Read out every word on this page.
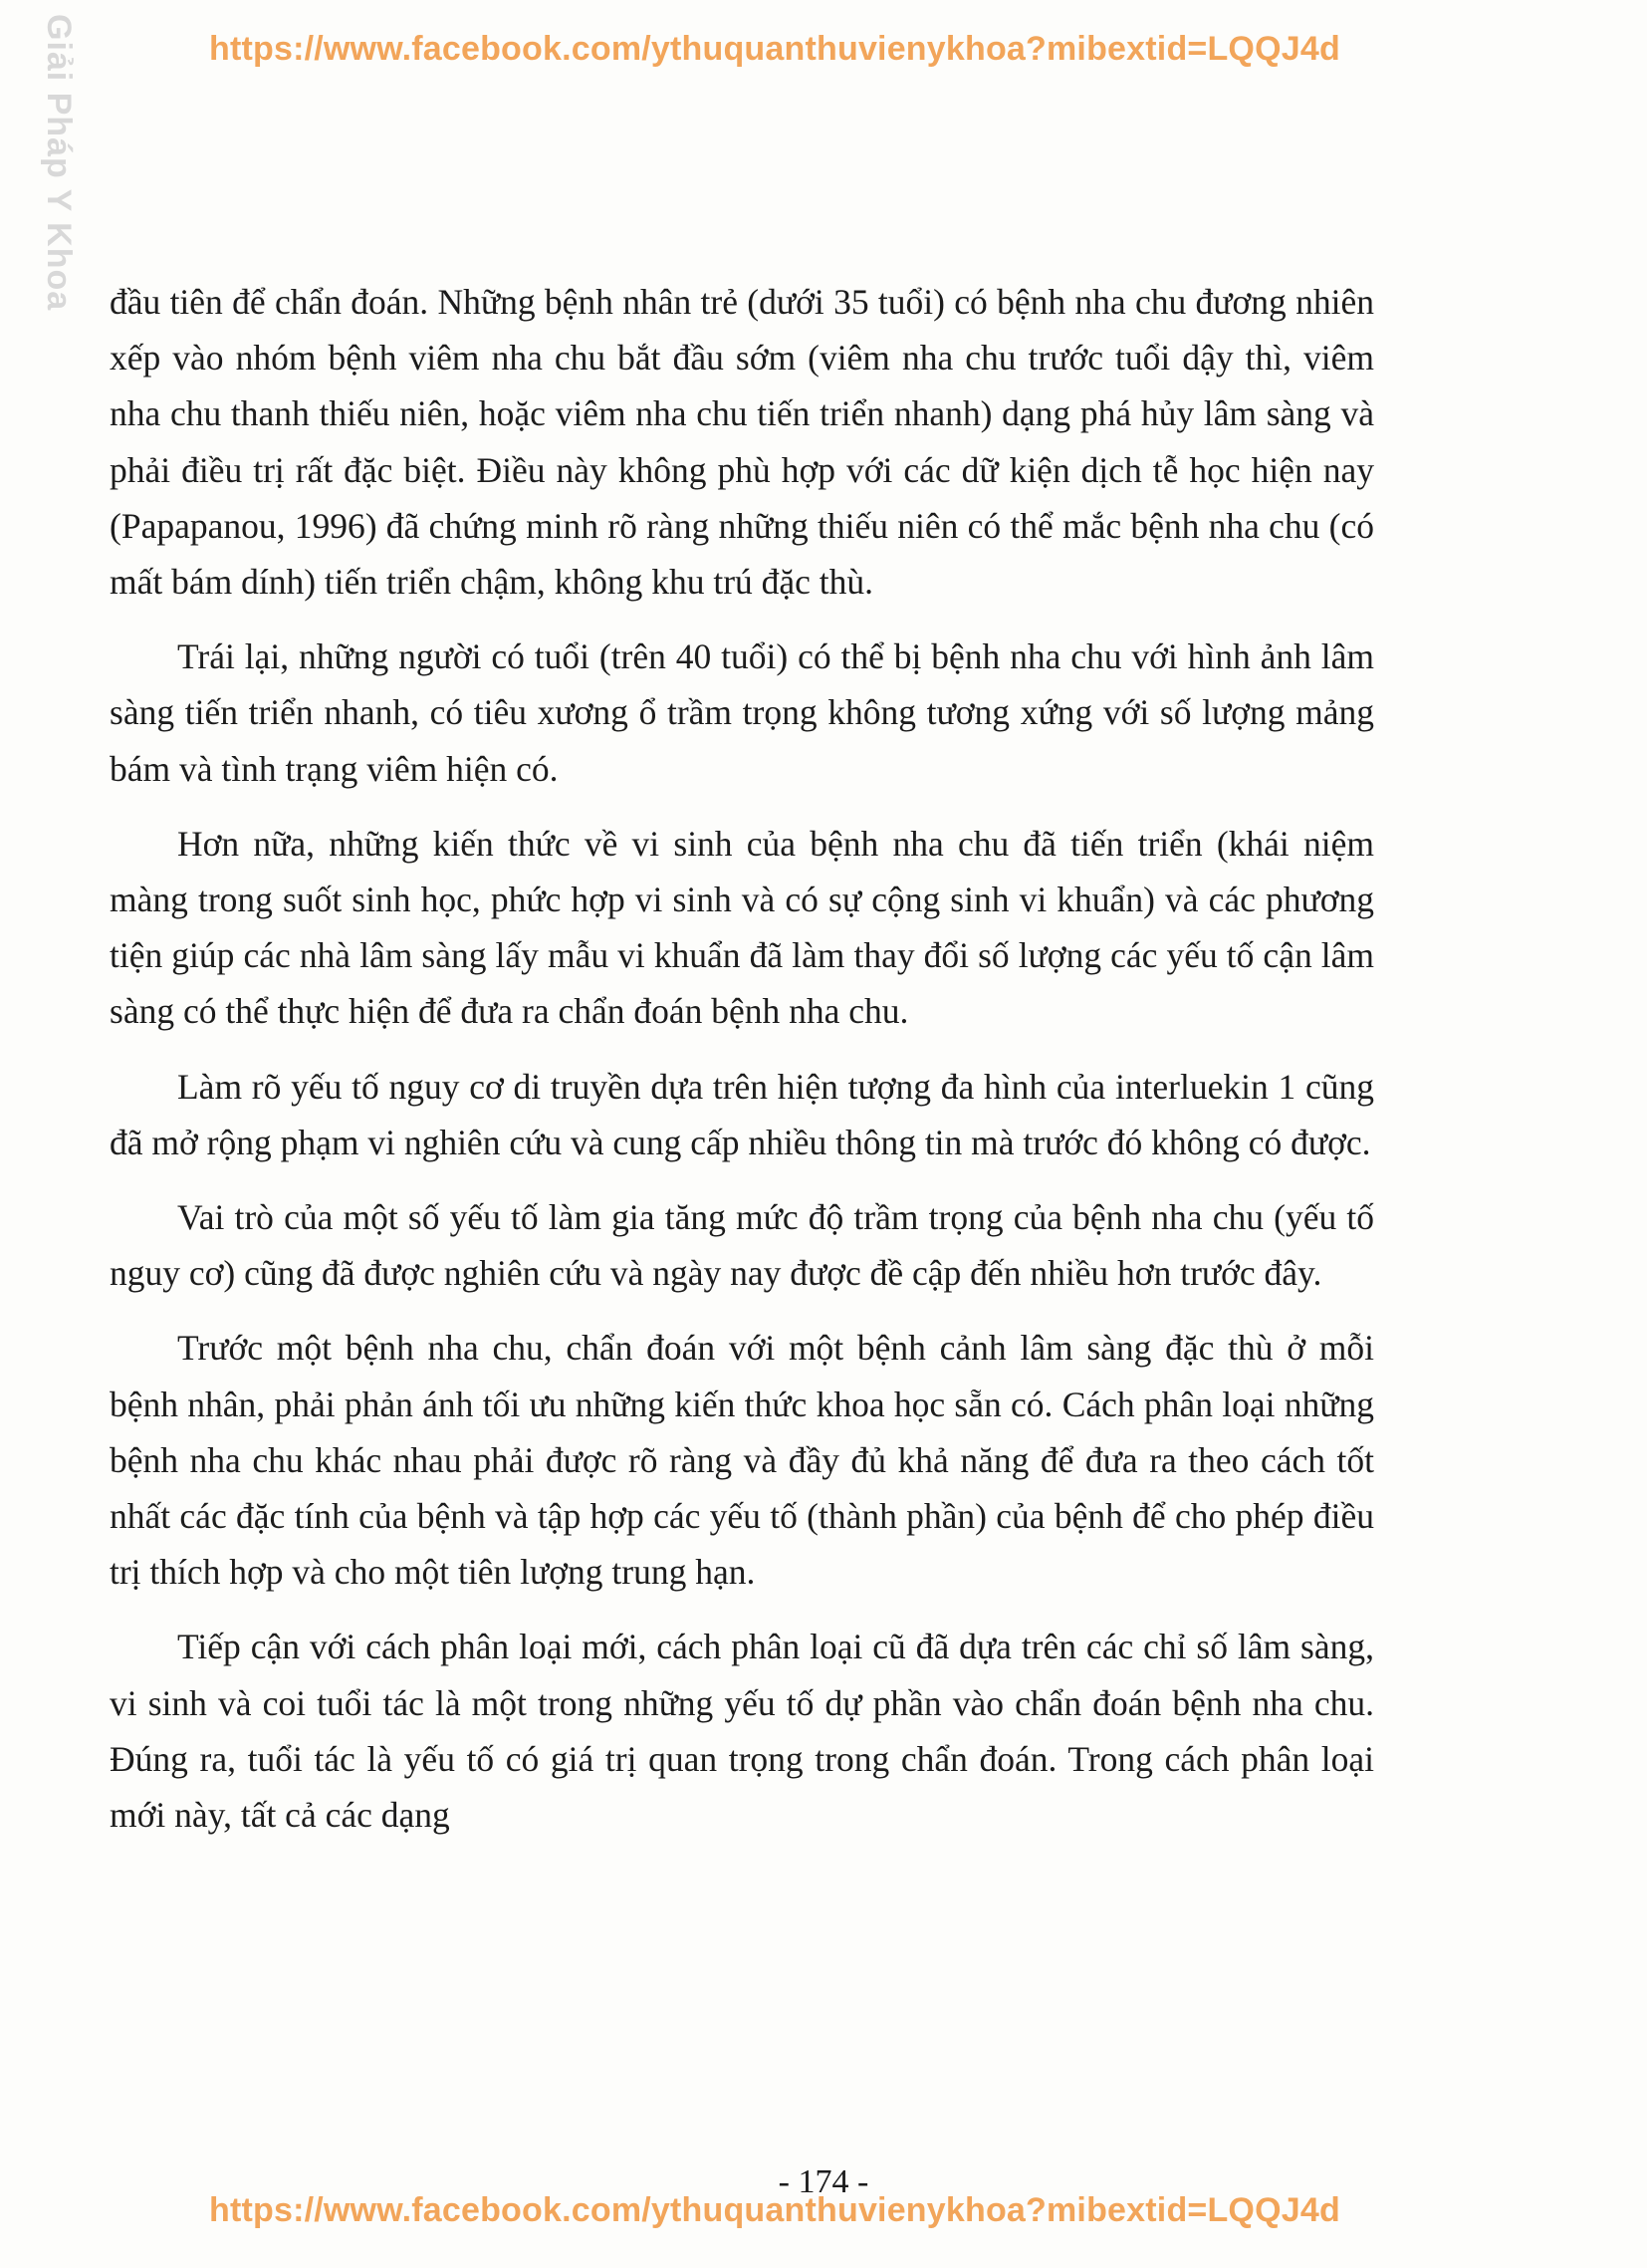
Giải Pháp Y Khoa	https://www.facebook.com/ythuquanthuvienykhoa?mibextid=LQQJ4d

đầu tiên để chẩn đoán. Những bệnh nhân trẻ (dưới 35 tuổi) có bệnh nha chu đương nhiên xếp vào nhóm bệnh viêm nha chu bắt đầu sớm (viêm nha chu trước tuổi dậy thì, viêm nha chu thanh thiếu niên, hoặc viêm nha chu tiến triển nhanh) dạng phá hủy lâm sàng và phải điều trị rất đặc biệt. Điều này không phù hợp với các dữ kiện dịch tễ học hiện nay (Papapanou, 1996) đã chứng minh rõ ràng những thiếu niên có thể mắc bệnh nha chu (có mất bám dính) tiến triển chậm, không khu trú đặc thù.

Trái lại, những người có tuổi (trên 40 tuổi) có thể bị bệnh nha chu với hình ảnh lâm sàng tiến triển nhanh, có tiêu xương ổ trầm trọng không tương xứng với số lượng mảng bám và tình trạng viêm hiện có.

Hơn nữa, những kiến thức về vi sinh của bệnh nha chu đã tiến triển (khái niệm màng trong suốt sinh học, phức hợp vi sinh và có sự cộng sinh vi khuẩn) và các phương tiện giúp các nhà lâm sàng lấy mẫu vi khuẩn đã làm thay đổi số lượng các yếu tố cận lâm sàng có thể thực hiện để đưa ra chẩn đoán bệnh nha chu.

Làm rõ yếu tố nguy cơ di truyền dựa trên hiện tượng đa hình của interluekin 1 cũng đã mở rộng phạm vi nghiên cứu và cung cấp nhiều thông tin mà trước đó không có được.

Vai trò của một số yếu tố làm gia tăng mức độ trầm trọng của bệnh nha chu (yếu tố nguy cơ) cũng đã được nghiên cứu và ngày nay được đề cập đến nhiều hơn trước đây.

Trước một bệnh nha chu, chẩn đoán với một bệnh cảnh lâm sàng đặc thù ở mỗi bệnh nhân, phải phản ánh tối ưu những kiến thức khoa học sẵn có. Cách phân loại những bệnh nha chu khác nhau phải được rõ ràng và đầy đủ khả năng để đưa ra theo cách tốt nhất các đặc tính của bệnh và tập hợp các yếu tố (thành phần) của bệnh để cho phép điều trị thích hợp và cho một tiên lượng trung hạn.

Tiếp cận với cách phân loại mới, cách phân loại cũ đã dựa trên các chỉ số lâm sàng, vi sinh và coi tuổi tác là một trong những yếu tố dự phần vào chẩn đoán bệnh nha chu. Đúng ra, tuổi tác là yếu tố có giá trị quan trọng trong chẩn đoán. Trong cách phân loại mới này, tất cả các dạng

- 174 -
https://www.facebook.com/ythuquanthuvienykhoa?mibextid=LQQJ4d
